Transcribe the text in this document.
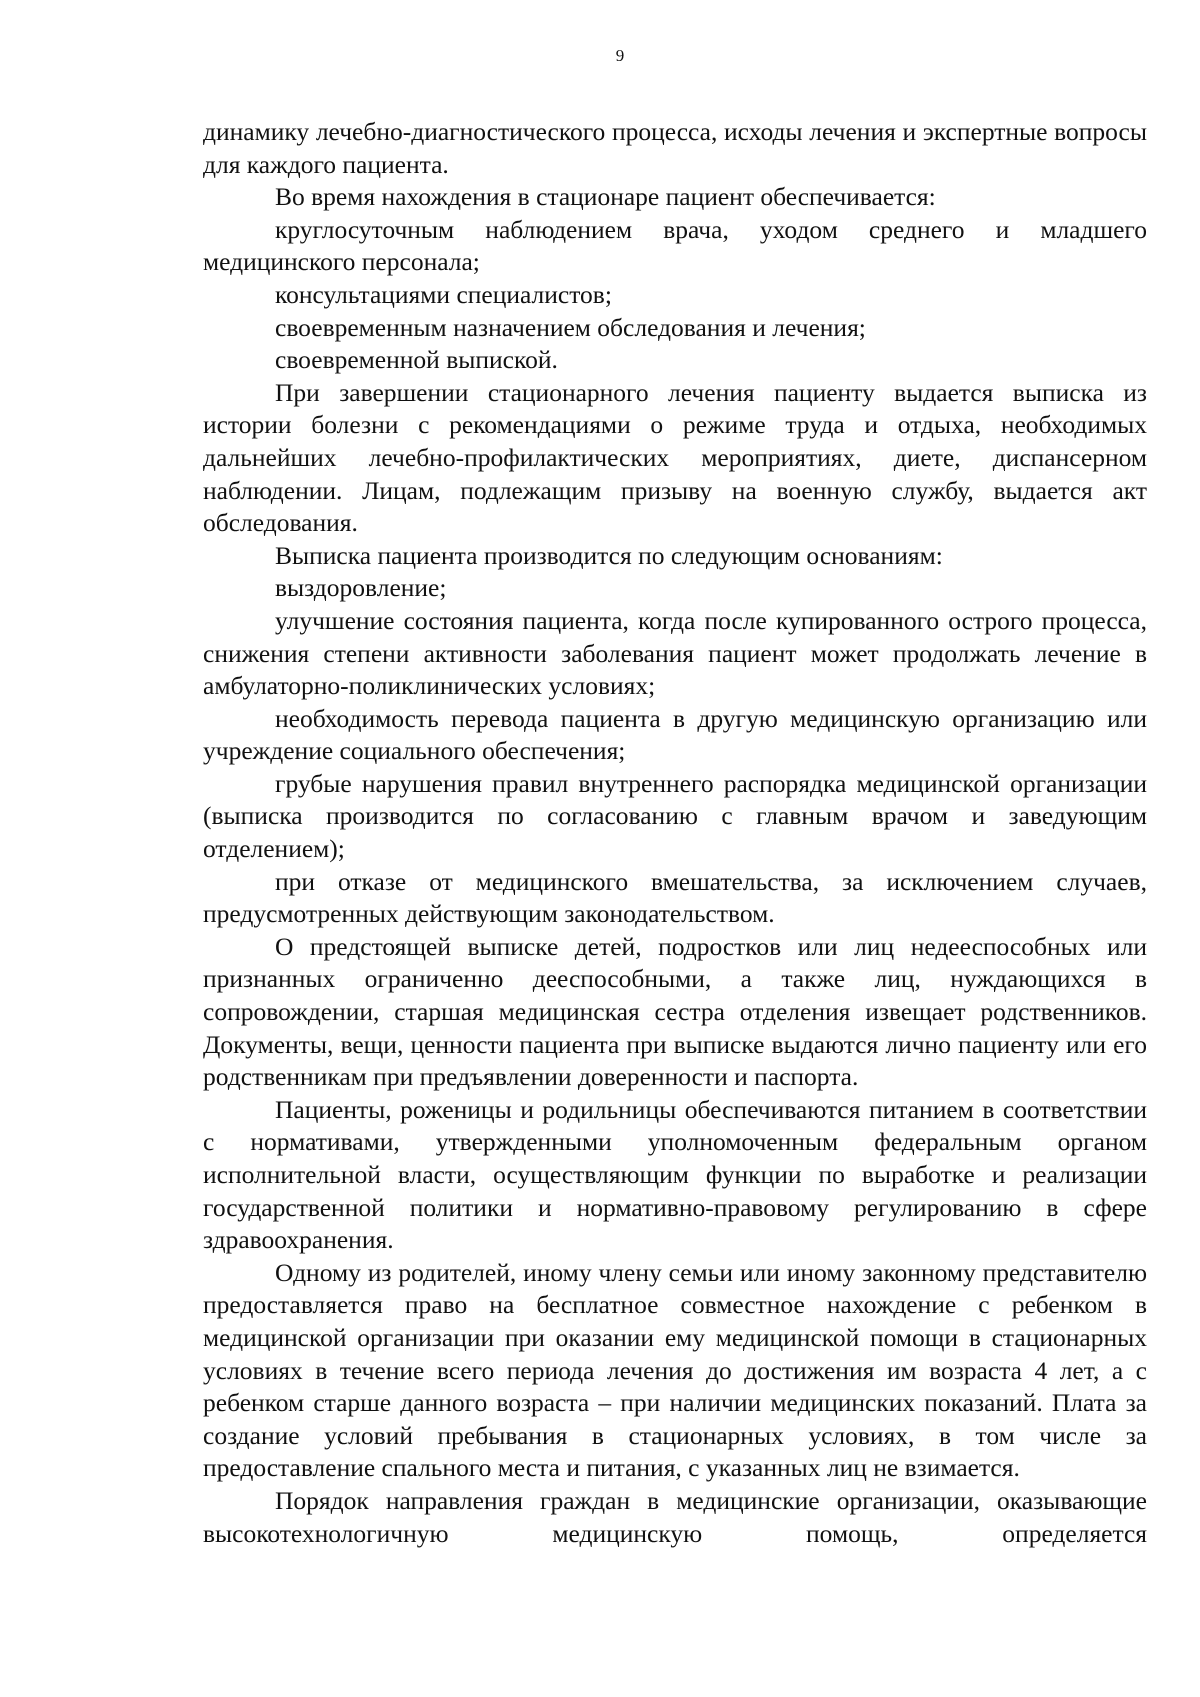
9

динамику лечебно-диагностического процесса, исходы лечения и экспертные вопросы для каждого пациента.

Во время нахождения в стационаре пациент обеспечивается:

круглосуточным наблюдением врача, уходом среднего и младшего медицинского персонала;

консультациями специалистов;

своевременным назначением обследования и лечения;

своевременной выпиской.

При завершении стационарного лечения пациенту выдается выписка из истории болезни с рекомендациями о режиме труда и отдыха, необходимых дальнейших лечебно-профилактических мероприятиях, диете, диспансерном наблюдении. Лицам, подлежащим призыву на военную службу, выдается акт обследования.

Выписка пациента производится по следующим основаниям:

выздоровление;

улучшение состояния пациента, когда после купированного острого процесса, снижения степени активности заболевания пациент может продолжать лечение в амбулаторно-поликлинических условиях;

необходимость перевода пациента в другую медицинскую организацию или учреждение социального обеспечения;

грубые нарушения правил внутреннего распорядка медицинской организации (выписка производится по согласованию с главным врачом и заведующим отделением);

при отказе от медицинского вмешательства, за исключением случаев, предусмотренных действующим законодательством.

О предстоящей выписке детей, подростков или лиц недееспособных или признанных ограниченно дееспособными, а также лиц, нуждающихся в сопровождении, старшая медицинская сестра отделения извещает родственников. Документы, вещи, ценности пациента при выписке выдаются лично пациенту или его родственникам при предъявлении доверенности и паспорта.

Пациенты, роженицы и родильницы обеспечиваются питанием в соответствии с нормативами, утвержденными уполномоченным федеральным органом исполнительной власти, осуществляющим функции по выработке и реализации государственной политики и нормативно-правовому регулированию в сфере здравоохранения.

Одному из родителей, иному члену семьи или иному законному представителю предоставляется право на бесплатное совместное нахождение с ребенком в медицинской организации при оказании ему медицинской помощи в стационарных условиях в течение всего периода лечения до достижения им возраста 4 лет, а с ребенком старше данного возраста – при наличии медицинских показаний. Плата за создание условий пребывания в стационарных условиях, в том числе за предоставление спального места и питания, с указанных лиц не взимается.

Порядок направления граждан в медицинские организации, оказывающие высокотехнологичную медицинскую помощь, определяется
